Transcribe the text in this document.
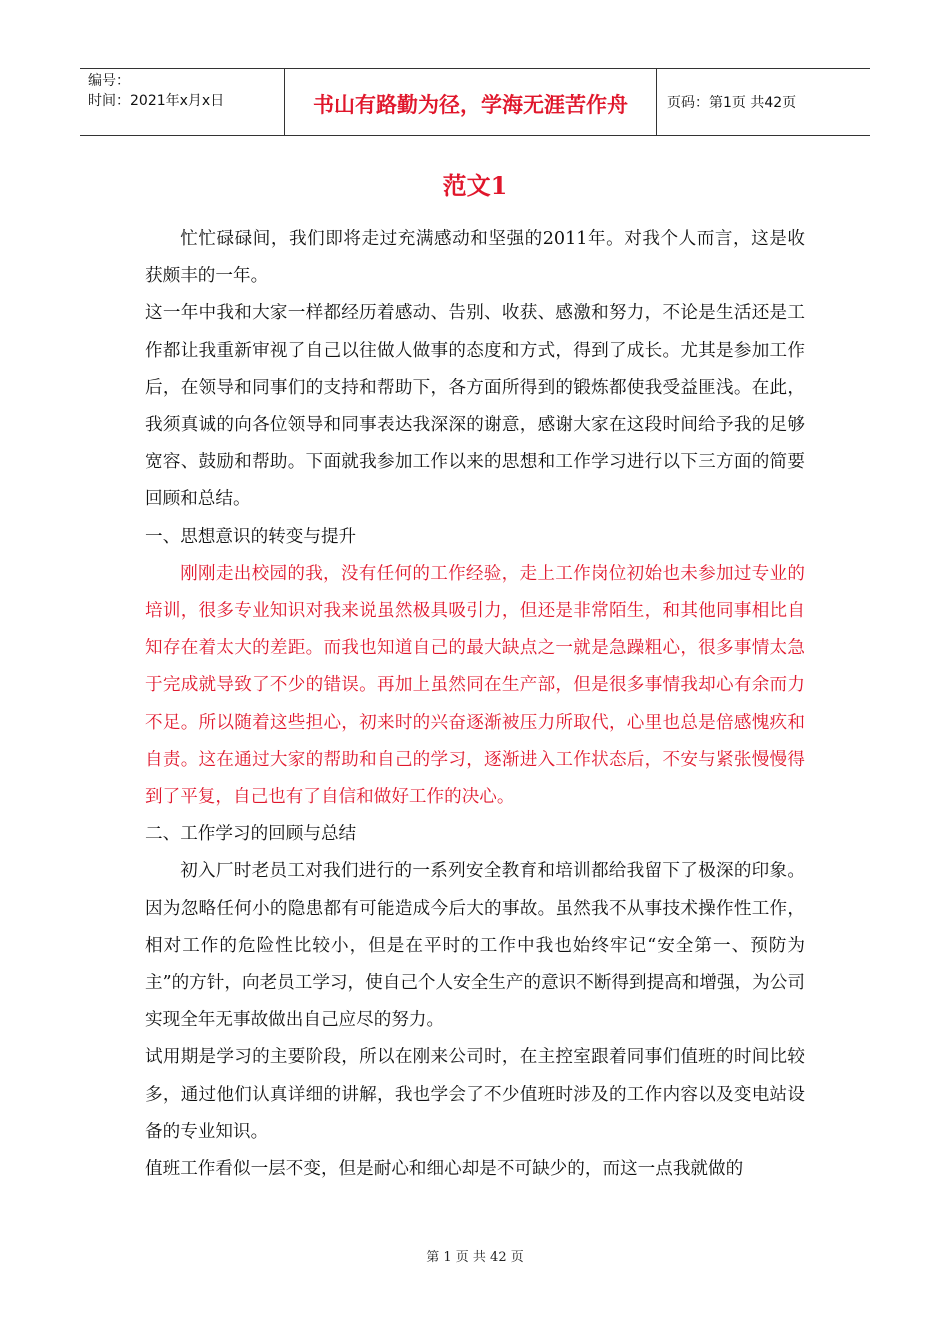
编号：
时间：2021年x月x日	书山有路勤为径，学海无涯苦作舟	页码：第1页 共42页
范文1

忙忙碌碌间，我们即将走过充满感动和坚强的2011年。对我个人而言，这是收获颇丰的一年。

这一年中我和大家一样都经历着感动、告别、收获、感激和努力，不论是生活还是工作都让我重新审视了自己以往做人做事的态度和方式，得到了成长。尤其是参加工作后，在领导和同事们的支持和帮助下，各方面所得到的锻炼都使我受益匪浅。在此，我须真诚的向各位领导和同事表达我深深的谢意，感谢大家在这段时间给予我的足够宽容、鼓励和帮助。下面就我参加工作以来的思想和工作学习进行以下三方面的简要回顾和总结。

一、思想意识的转变与提升

刚刚走出校园的我，没有任何的工作经验，走上工作岗位初始也未参加过专业的培训，很多专业知识对我来说虽然极具吸引力，但还是非常陌生，和其他同事相比自知存在着太大的差距。而我也知道自己的最大缺点之一就是急躁粗心，很多事情太急于完成就导致了不少的错误。再加上虽然同在生产部，但是很多事情我却心有余而力不足。所以随着这些担心，初来时的兴奋逐渐被压力所取代，心里也总是倍感愧疚和自责。这在通过大家的帮助和自己的学习，逐渐进入工作状态后，不安与紧张慢慢得到了平复，自己也有了自信和做好工作的决心。

二、工作学习的回顾与总结

初入厂时老员工对我们进行的一系列安全教育和培训都给我留下了极深的印象。因为忽略任何小的隐患都有可能造成今后大的事故。虽然我不从事技术操作性工作，相对工作的危险性比较小，但是在平时的工作中我也始终牢记“安全第一、预防为主”的方针，向老员工学习，使自己个人安全生产的意识不断得到提高和增强，为公司实现全年无事故做出自己应尽的努力。

试用期是学习的主要阶段，所以在刚来公司时，在主控室跟着同事们值班的时间比较多，通过他们认真详细的讲解，我也学会了不少值班时涉及的工作内容以及变电站设备的专业知识。

值班工作看似一层不变，但是耐心和细心却是不可缺少的，而这一点我就做的

第 1 页 共 42 页
